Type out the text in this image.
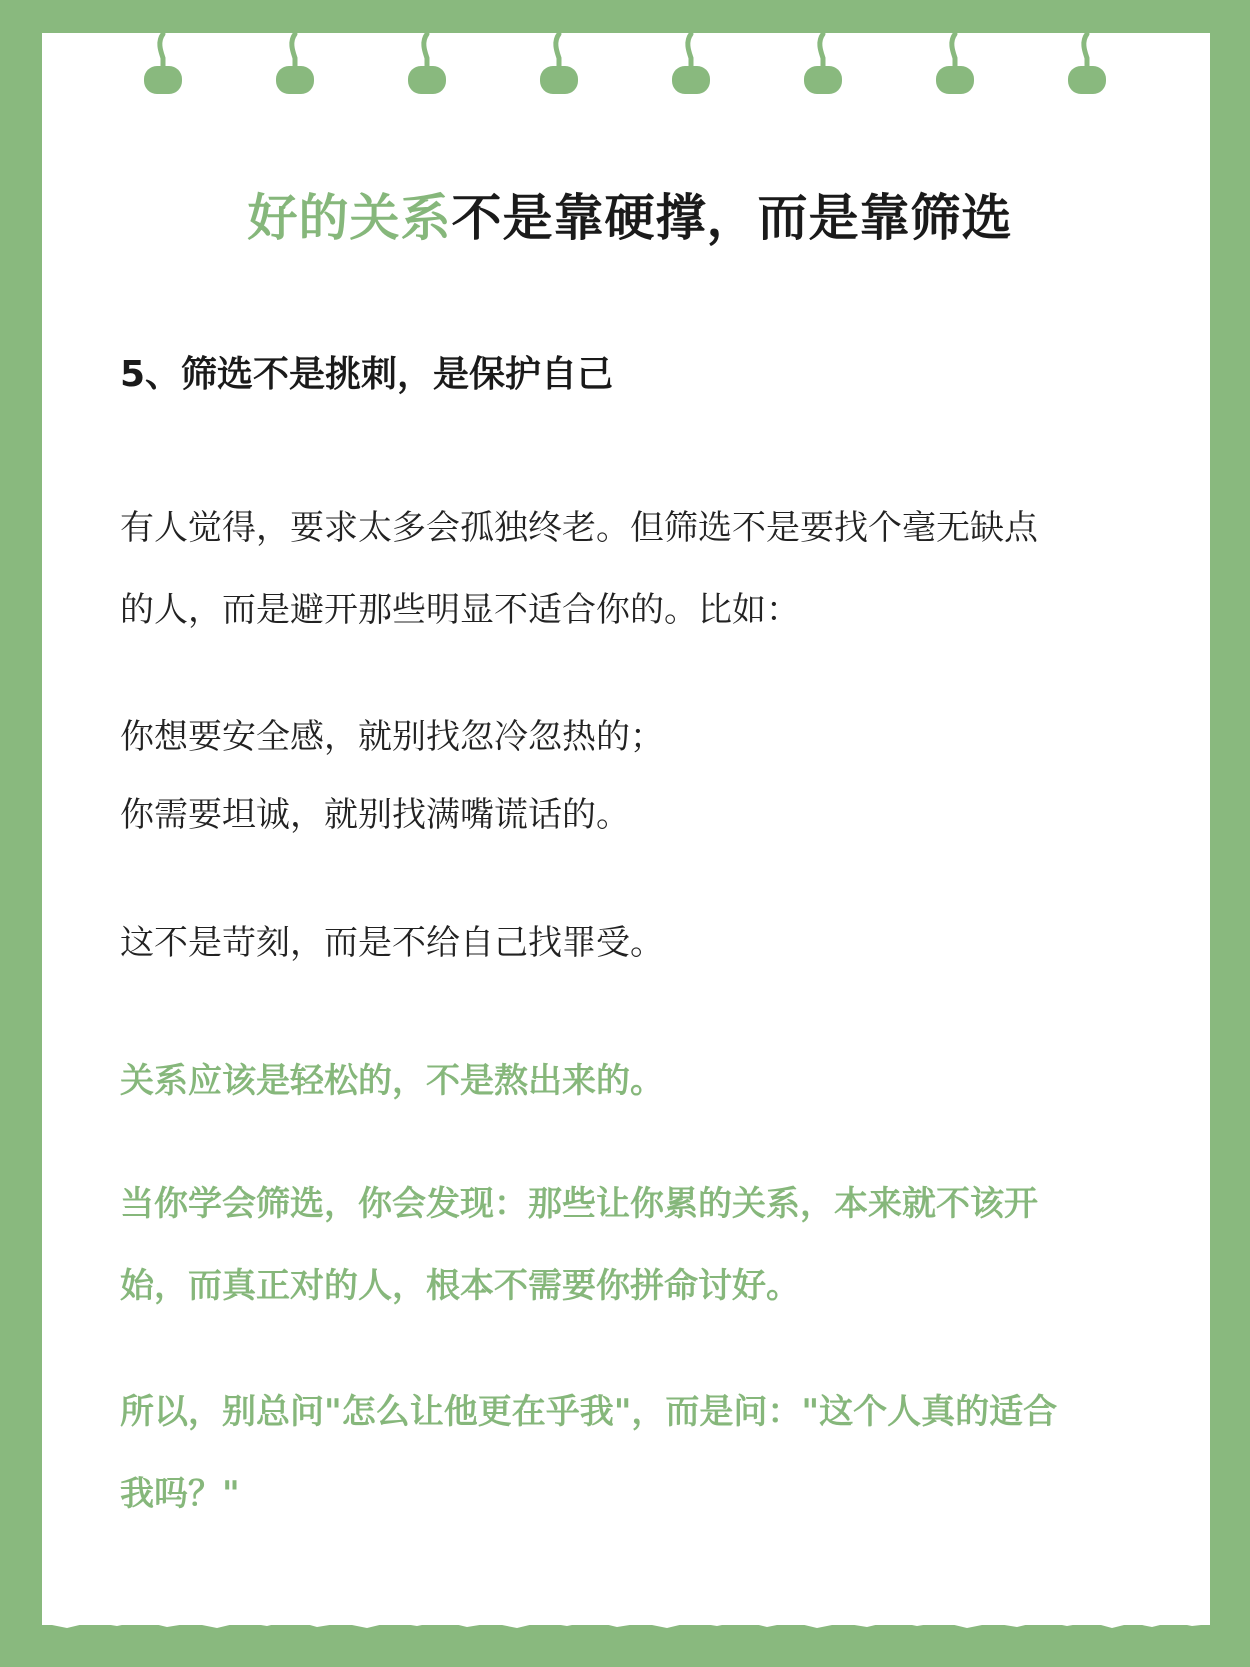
好的关系不是靠硬撑，而是靠筛选
5、筛选不是挑刺，是保护自己
有人觉得，要求太多会孤独终老。但筛选不是要找个毫无缺点
的人，而是避开那些明显不适合你的。比如：
你想要安全感，就别找忽冷忽热的；
你需要坦诚，就别找满嘴谎话的。
这不是苛刻，而是不给自己找罪受。
关系应该是轻松的，不是熬出来的。
当你学会筛选，你会发现：那些让你累的关系，本来就不该开
始，而真正对的人，根本不需要你拼命讨好。
所以，别总问"怎么让他更在乎我"，而是问："这个人真的适合
我吗？"
